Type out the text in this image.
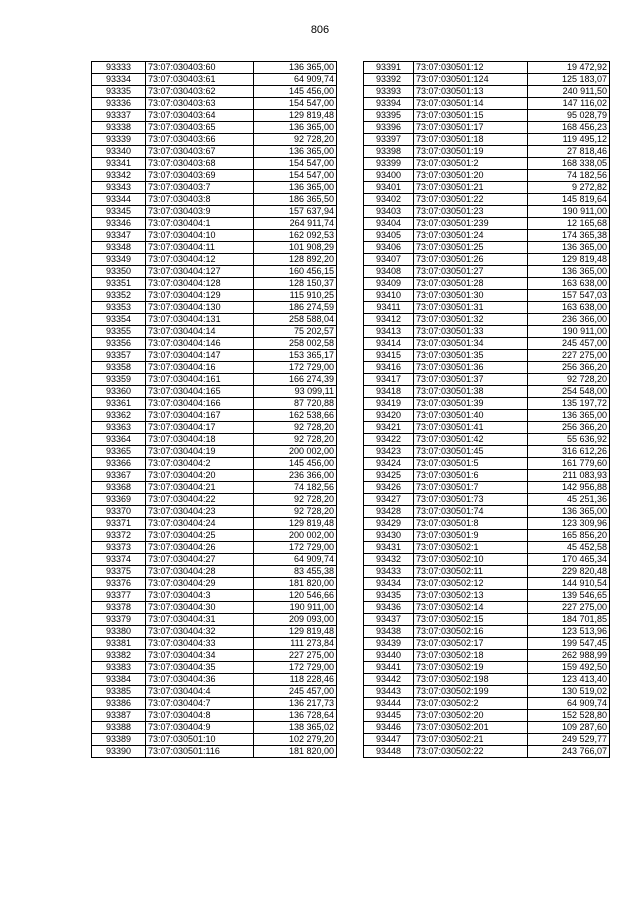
806
93333	73:07:030403:60	136 365,00
93334	73:07:030403:61	64 909,74
93335	73:07:030403:62	145 456,00
93336	73:07:030403:63	154 547,00
93337	73:07:030403:64	129 819,48
93338	73:07:030403:65	136 365,00
93339	73:07:030403:66	92 728,20
93340	73:07:030403:67	136 365,00
93341	73:07:030403:68	154 547,00
93342	73:07:030403:69	154 547,00
93343	73:07:030403:7	136 365,00
93344	73:07:030403:8	186 365,50
93345	73:07:030403:9	157 637,94
93346	73:07:030404:1	264 911,74
93347	73:07:030404:10	162 092,53
93348	73:07:030404:11	101 908,29
93349	73:07:030404:12	128 892,20
93350	73:07:030404:127	160 456,15
93351	73:07:030404:128	128 150,37
93352	73:07:030404:129	115 910,25
93353	73:07:030404:130	186 274,59
93354	73:07:030404:131	258 588,04
93355	73:07:030404:14	75 202,57
93356	73:07:030404:146	258 002,58
93357	73:07:030404:147	153 365,17
93358	73:07:030404:16	172 729,00
93359	73:07:030404:161	166 274,39
93360	73:07:030404:165	93 099,11
93361	73:07:030404:166	87 720,88
93362	73:07:030404:167	162 538,66
93363	73:07:030404:17	92 728,20
93364	73:07:030404:18	92 728,20
93365	73:07:030404:19	200 002,00
93366	73:07:030404:2	145 456,00
93367	73:07:030404:20	236 366,00
93368	73:07:030404:21	74 182,56
93369	73:07:030404:22	92 728,20
93370	73:07:030404:23	92 728,20
93371	73:07:030404:24	129 819,48
93372	73:07:030404:25	200 002,00
93373	73:07:030404:26	172 729,00
93374	73:07:030404:27	64 909,74
93375	73:07:030404:28	83 455,38
93376	73:07:030404:29	181 820,00
93377	73:07:030404:3	120 546,66
93378	73:07:030404:30	190 911,00
93379	73:07:030404:31	209 093,00
93380	73:07:030404:32	129 819,48
93381	73:07:030404:33	111 273,84
93382	73:07:030404:34	227 275,00
93383	73:07:030404:35	172 729,00
93384	73:07:030404:36	118 228,46
93385	73:07:030404:4	245 457,00
93386	73:07:030404:7	136 217,73
93387	73:07:030404:8	136 728,64
93388	73:07:030404:9	138 365,02
93389	73:07:030501:10	102 279,20
93390	73:07:030501:116	181 820,00
93391	73:07:030501:12	19 472,92
93392	73:07:030501:124	125 183,07
93393	73:07:030501:13	240 911,50
93394	73:07:030501:14	147 116,02
93395	73:07:030501:15	95 028,79
93396	73:07:030501:17	168 456,23
93397	73:07:030501:18	119 495,12
93398	73:07:030501:19	27 818,46
93399	73:07:030501:2	168 338,05
93400	73:07:030501:20	74 182,56
93401	73:07:030501:21	9 272,82
93402	73:07:030501:22	145 819,64
93403	73:07:030501:23	190 911,00
93404	73:07:030501:239	12 165,68
93405	73:07:030501:24	174 365,38
93406	73:07:030501:25	136 365,00
93407	73:07:030501:26	129 819,48
93408	73:07:030501:27	136 365,00
93409	73:07:030501:28	163 638,00
93410	73:07:030501:30	157 547,03
93411	73:07:030501:31	163 638,00
93412	73:07:030501:32	236 366,00
93413	73:07:030501:33	190 911,00
93414	73:07:030501:34	245 457,00
93415	73:07:030501:35	227 275,00
93416	73:07:030501:36	256 366,20
93417	73:07:030501:37	92 728,20
93418	73:07:030501:38	254 548,00
93419	73:07:030501:39	135 197,72
93420	73:07:030501:40	136 365,00
93421	73:07:030501:41	256 366,20
93422	73:07:030501:42	55 636,92
93423	73:07:030501:45	316 612,26
93424	73:07:030501:5	161 779,60
93425	73:07:030501:6	211 083,93
93426	73:07:030501:7	142 956,88
93427	73:07:030501:73	45 251,36
93428	73:07:030501:74	136 365,00
93429	73:07:030501:8	123 309,96
93430	73:07:030501:9	165 856,20
93431	73:07:030502:1	45 452,58
93432	73:07:030502:10	170 465,34
93433	73:07:030502:11	229 820,48
93434	73:07:030502:12	144 910,54
93435	73:07:030502:13	139 546,65
93436	73:07:030502:14	227 275,00
93437	73:07:030502:15	184 701,85
93438	73:07:030502:16	123 513,96
93439	73:07:030502:17	199 547,45
93440	73:07:030502:18	262 988,99
93441	73:07:030502:19	159 492,50
93442	73:07:030502:198	123 413,40
93443	73:07:030502:199	130 519,02
93444	73:07:030502:2	64 909,74
93445	73:07:030502:20	152 528,80
93446	73:07:030502:201	109 287,60
93447	73:07:030502:21	249 529,77
93448	73:07:030502:22	243 766,07
